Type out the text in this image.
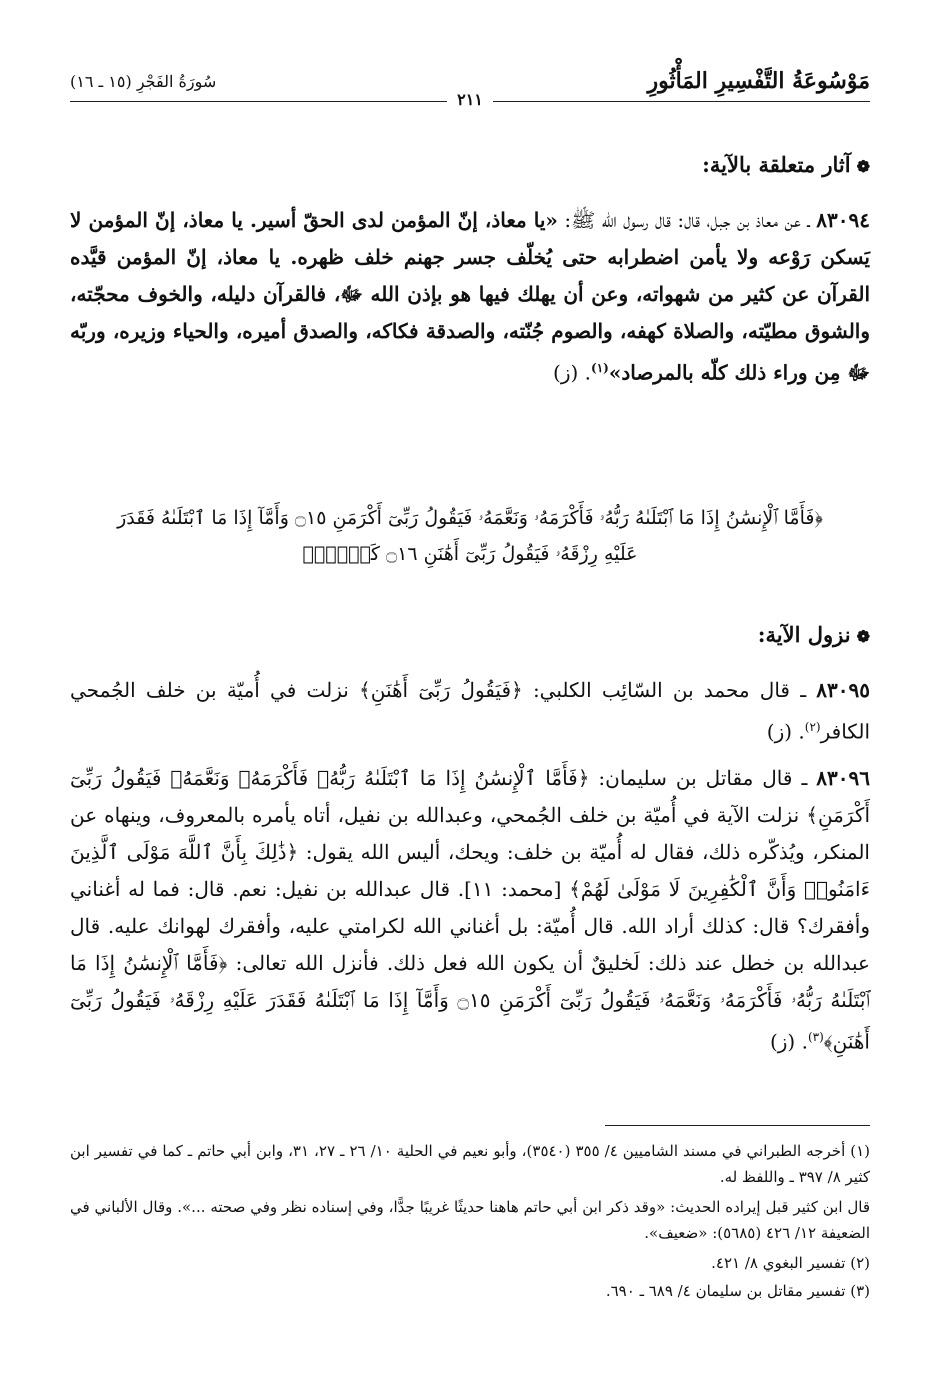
مَوْسُوعَةُ التَّفْسِيرِ المَأْثُورِ
سُورَةُ الفَجْرِ (١٥ ـ ١٦)
٢١١
❁آثار متعلقة بالآية:
٨٣٠٩٤ ـ عن معاذ بن جبل، قال: قال رسول الله ﷺ: «يا معاذ، إنّ المؤمن لدى الحقّ أسير. يا معاذ، إنّ المؤمن لا يَسكن رَوْعه ولا يأمن اضطرابه حتى يُخلّف جسر جهنم خلف ظهره. يا معاذ، إنّ المؤمن قيَّده القرآن عن كثير من شهواته، وعن أن يهلك فيها هو بإذن الله ﷻ، فالقرآن دليله، والخوف محجّته، والشوق مطيّته، والصلاة كهفه، والصوم جُنّته، والصدقة فكاكه، والصدق أميره، والحياء وزيره، وربّه ﷻ مِن وراء ذلك كلّه بالمرصاد»$^{(١)}$. (ز)
﴿فَأَمَّا ٱلْإِنسَٰنُ إِذَا مَا ٱبْتَلَىٰهُ رَبُّهُۥ فَأَكْرَمَهُۥ وَنَعَّمَهُۥ فَيَقُولُ رَبِّىٓ أَكْرَمَنِ ۝١٥ وَأَمَّآ إِذَا مَا ٱبْتَلَىٰهُ فَقَدَرَ
عَلَيْهِ رِزْقَهُۥ فَيَقُولُ رَبِّىٓ أَهَٰنَنِ ۝١٦ كَلَّاۖ﴾
❁نزول الآية:
٨٣٠٩٥ ـ قال محمد بن السّائِب الكلبي: ﴿فَيَقُولُ رَبِّىٓ أَهَٰنَنِ﴾ نزلت في أُميّة بن خلف الجُمحي الكافر$^{(٢)}$. (ز)
٨٣٠٩٦ ـ قال مقاتل بن سليمان: ﴿فَأَمَّا ٱلْإِنسَٰنُ إِذَا مَا ٱبْتَلَىٰهُ رَبُّهُۥ فَأَكْرَمَهُۥ وَنَعَّمَهُۥ فَيَقُولُ رَبِّىٓ أَكْرَمَنِ﴾ نزلت الآية في أُميّة بن خلف الجُمحي، وعبدالله بن نفيل، أتاه يأمره بالمعروف، وينهاه عن المنكر، ويُذكّره ذلك، فقال له أُميّة بن خلف: ويحك، أليس الله يقول: ﴿ذَٰلِكَ بِأَنَّ ٱللَّهَ مَوْلَى ٱلَّذِينَ ءَامَنُوا۟ وَأَنَّ ٱلْكَٰفِرِينَ لَا مَوْلَىٰ لَهُمْ﴾ [محمد: ١١]. قال عبدالله بن نفيل: نعم. قال: فما له أغناني وأفقرك؟ قال: كذلك أراد الله. قال أُميّة: بل أغناني الله لكرامتي عليه، وأفقرك لهوانك عليه. قال عبدالله بن خطل عند ذلك: لَخليقٌ أن يكون الله فعل ذلك. فأنزل الله تعالى: ﴿فَأَمَّا ٱلْإِنسَٰنُ إِذَا مَا ٱبْتَلَىٰهُ رَبُّهُۥ فَأَكْرَمَهُۥ وَنَعَّمَهُۥ فَيَقُولُ رَبِّىٓ أَكْرَمَنِ ۝١٥ وَأَمَّآ إِذَا مَا ٱبْتَلَىٰهُ فَقَدَرَ عَلَيْهِ رِزْقَهُۥ فَيَقُولُ رَبِّىٓ أَهَٰنَنِ﴾$^{(٣)}$. (ز)
(١) أخرجه الطبراني في مسند الشاميين ٤/ ٣٥٥ (٣٥٤٠)، وأبو نعيم في الحلية ١٠/ ٢٦ ـ ٢٧، ٣١، وابن أبي حاتم ـ كما في تفسير ابن كثير ٨/ ٣٩٧ ـ واللفظ له.
قال ابن كثير قبل إيراده الحديث: «وقد ذكر ابن أبي حاتم هاهنا حديثًا غريبًا جدًّا، وفي إسناده نظر وفي صحته ...». وقال الألباني في الضعيفة ١٢/ ٤٢٦ (٥٦٨٥): «ضعيف».
(٢) تفسير البغوي ٨/ ٤٢١.
(٣) تفسير مقاتل بن سليمان ٤/ ٦٨٩ ـ ٦٩٠.
